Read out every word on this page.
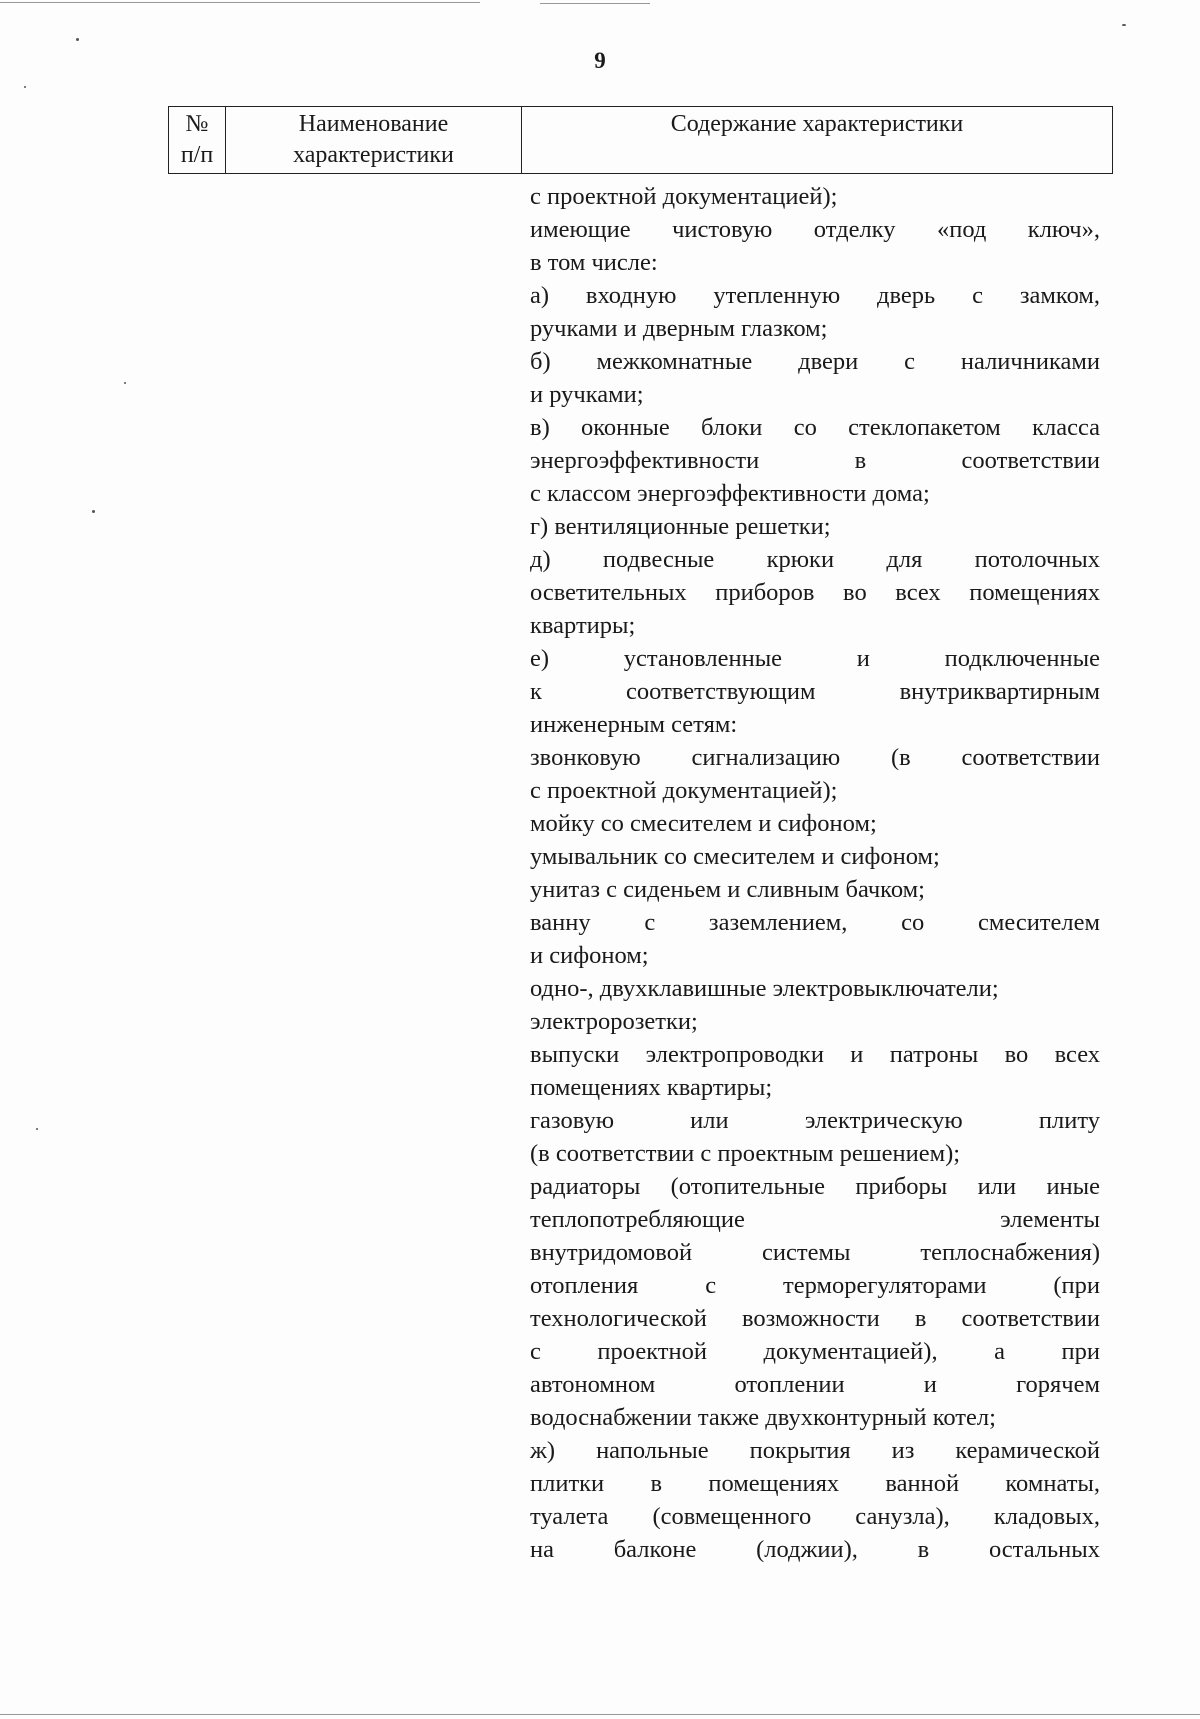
9
№
п/п
Наименование
характеристики
Содержание характеристики
с проектной документацией);
имеющие чистовую отделку «под ключ»,
в том числе:
а) входную утепленную дверь с замком,
ручками и дверным глазком;
б) межкомнатные двери с наличниками
и ручками;
в) оконные блоки со стеклопакетом класса
энергоэффективности в соответствии
с классом энергоэффективности дома;
г) вентиляционные решетки;
д) подвесные крюки для потолочных
осветительных приборов во всех помещениях
квартиры;
е) установленные и подключенные
к соответствующим внутриквартирным
инженерным сетям:
звонковую сигнализацию (в соответствии
с проектной документацией);
мойку со смесителем и сифоном;
умывальник со смесителем и сифоном;
унитаз с сиденьем и сливным бачком;
ванну с заземлением, со смесителем
и сифоном;
одно-, двухклавишные электровыключатели;
электророзетки;
выпуски электропроводки и патроны во всех
помещениях квартиры;
газовую или электрическую плиту
(в соответствии с проектным решением);
радиаторы (отопительные приборы или иные
теплопотребляющие элементы
внутридомовой системы теплоснабжения)
отопления с терморегуляторами (при
технологической возможности в соответствии
с проектной документацией), а при
автономном отоплении и горячем
водоснабжении также двухконтурный котел;
ж) напольные покрытия из керамической
плитки в помещениях ванной комнаты,
туалета (совмещенного санузла), кладовых,
на балконе (лоджии), в остальных
